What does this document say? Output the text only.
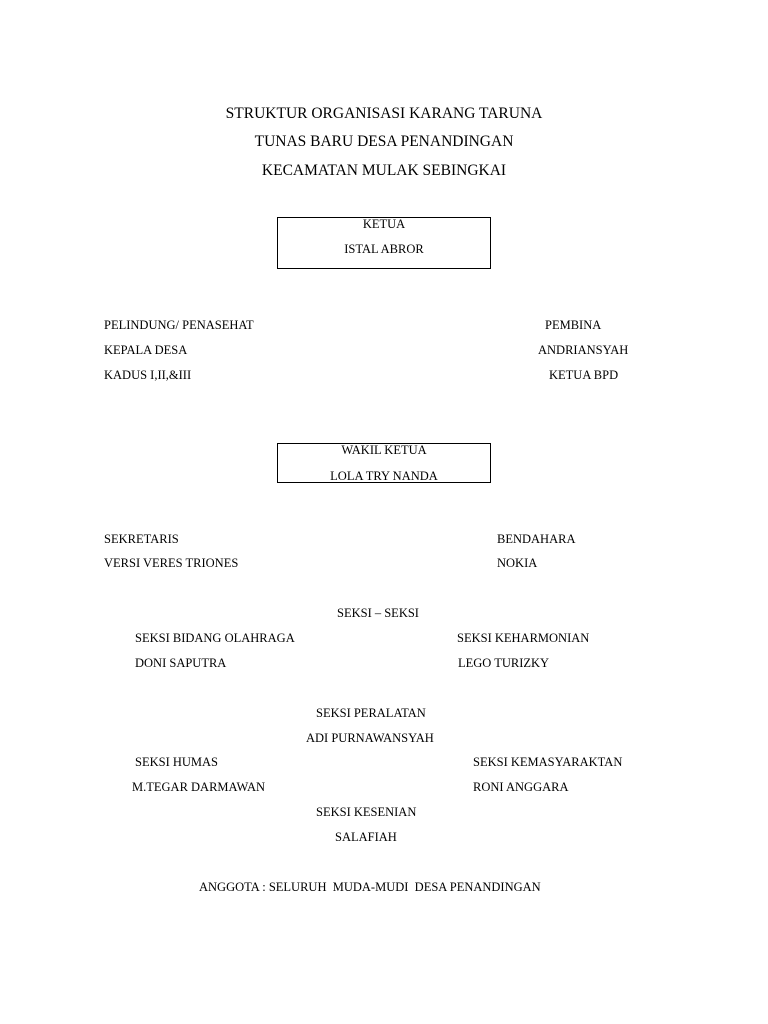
STRUKTUR ORGANISASI KARANG TARUNA
TUNAS BARU DESA PENANDINGAN
KECAMATAN MULAK SEBINGKAI
KETUA
ISTAL ABROR
PELINDUNG/ PENASEHAT
KEPALA DESA
KADUS I,II,&III
PEMBINA
ANDRIANSYAH
KETUA BPD
WAKIL KETUA
LOLA TRY NANDA
SEKRETARIS
VERSI VERES TRIONES
BENDAHARA
NOKIA
SEKSI – SEKSI
SEKSI BIDANG OLAHRAGA
DONI SAPUTRA
SEKSI KEHARMONIAN
LEGO TURIZKY
SEKSI PERALATAN
ADI PURNAWANSYAH
SEKSI HUMAS
M.TEGAR DARMAWAN
SEKSI KEMASYARAKTAN
RONI ANGGARA
SEKSI KESENIAN
SALAFIAH
ANGGOTA : SELURUH  MUDA-MUDI  DESA PENANDINGAN
